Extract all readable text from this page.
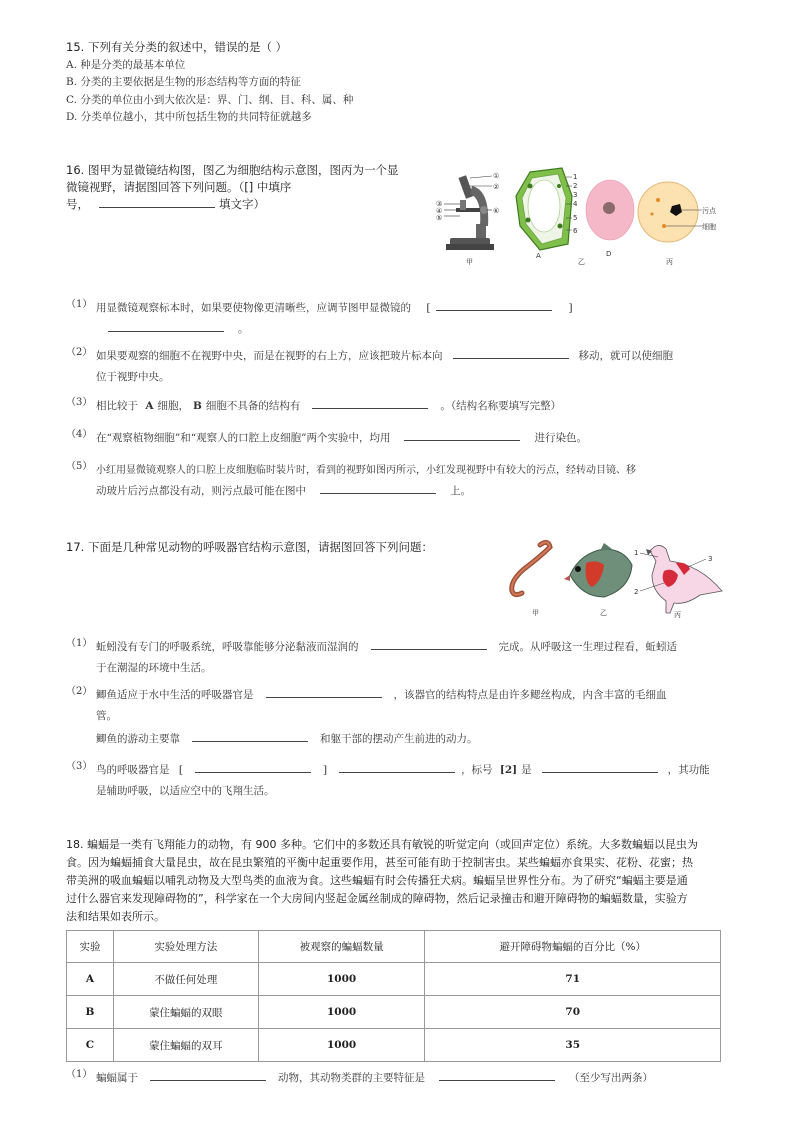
15. 下列有关分类的叙述中，错误的是（ ）
A. 种是分类的最基本单位
B. 分类的主要依据是生物的形态结构等方面的特征
C. 分类的单位由小到大依次是：界、门、纲、目、科、属、种
D. 分类单位越小，其中所包括生物的共同特征就越多
16. 图甲为显微镜结构图，图乙为细胞结构示意图，图丙为一个显
微镜视野，请据图回答下列问题。（[] 中填序
号，	填文字）
①
②
③
④
⑤
⑥
甲
A
1
2
3
4
5
6
D
乙
污点
细胞
丙
（1） 用显微镜观察标本时，如果要使物像更清晰些，应调节图甲显微镜的 [	]
。
（2） 如果要观察的细胞不在视野中央，而是在视野的右上方，应该把玻片标本向	移动，就可以使细胞
位于视野中央。
（3） 相比较于 A 细胞， B 细胞不具备的结构有	。（结构名称要填写完整）
（4） 在“观察植物细胞”和“观察人的口腔上皮细胞”两个实验中，均用	进行染色。
（5） 小红用显微镜观察人的口腔上皮细胞临时装片时，看到的视野如图丙所示，小红发现视野中有较大的污点，经转动目镜、移
动玻片后污点都没有动，则污点最可能在图中	上。
17. 下面是几种常见动物的呼吸器官结构示意图，请据图回答下列问题：
甲	乙
1
2
3
丙
（1） 蚯蚓没有专门的呼吸系统，呼吸靠能够分泌黏液而湿润的	完成。从呼吸这一生理过程看，蚯蚓适
于在潮湿的环境中生活。
（2） 鲫鱼适应于水中生活的呼吸器官是	，该器官的结构特点是由许多鳃丝构成，内含丰富的毛细血
管。
鲫鱼的游动主要靠	和躯干部的摆动产生前进的动力。
（3） 鸟的呼吸器官是 [	]	，标号 [2] 是	，其功能
是辅助呼吸，以适应空中的飞翔生活。
18. 蝙蝠是一类有飞翔能力的动物，有 900 多种。它们中的多数还具有敏锐的听觉定向（或回声定位）系统。大多数蝙蝠以昆虫为
食。因为蝙蝠捕食大量昆虫，故在昆虫繁殖的平衡中起重要作用，甚至可能有助于控制害虫。某些蝙蝠亦食果实、花粉、花蜜；热
带美洲的吸血蝙蝠以哺乳动物及大型鸟类的血液为食。这些蝙蝠有时会传播狂犬病。蝙蝠呈世界性分布。为了研究“蝙蝠主要是通
过什么器官来发现障碍物的”，科学家在一个大房间内竖起金属丝制成的障碍物，然后记录撞击和避开障碍物的蝙蝠数量，实验方
法和结果如表所示。
实验	实验处理方法	被观察的蝙蝠数量	避开障碍物蝙蝠的百分比（%）
A	不做任何处理	1000	71
B	蒙住蝙蝠的双眼	1000	70
C	蒙住蝙蝠的双耳	1000	35
（1） 蝙蝠属于	动物，其动物类群的主要特征是	（至少写出两条）
